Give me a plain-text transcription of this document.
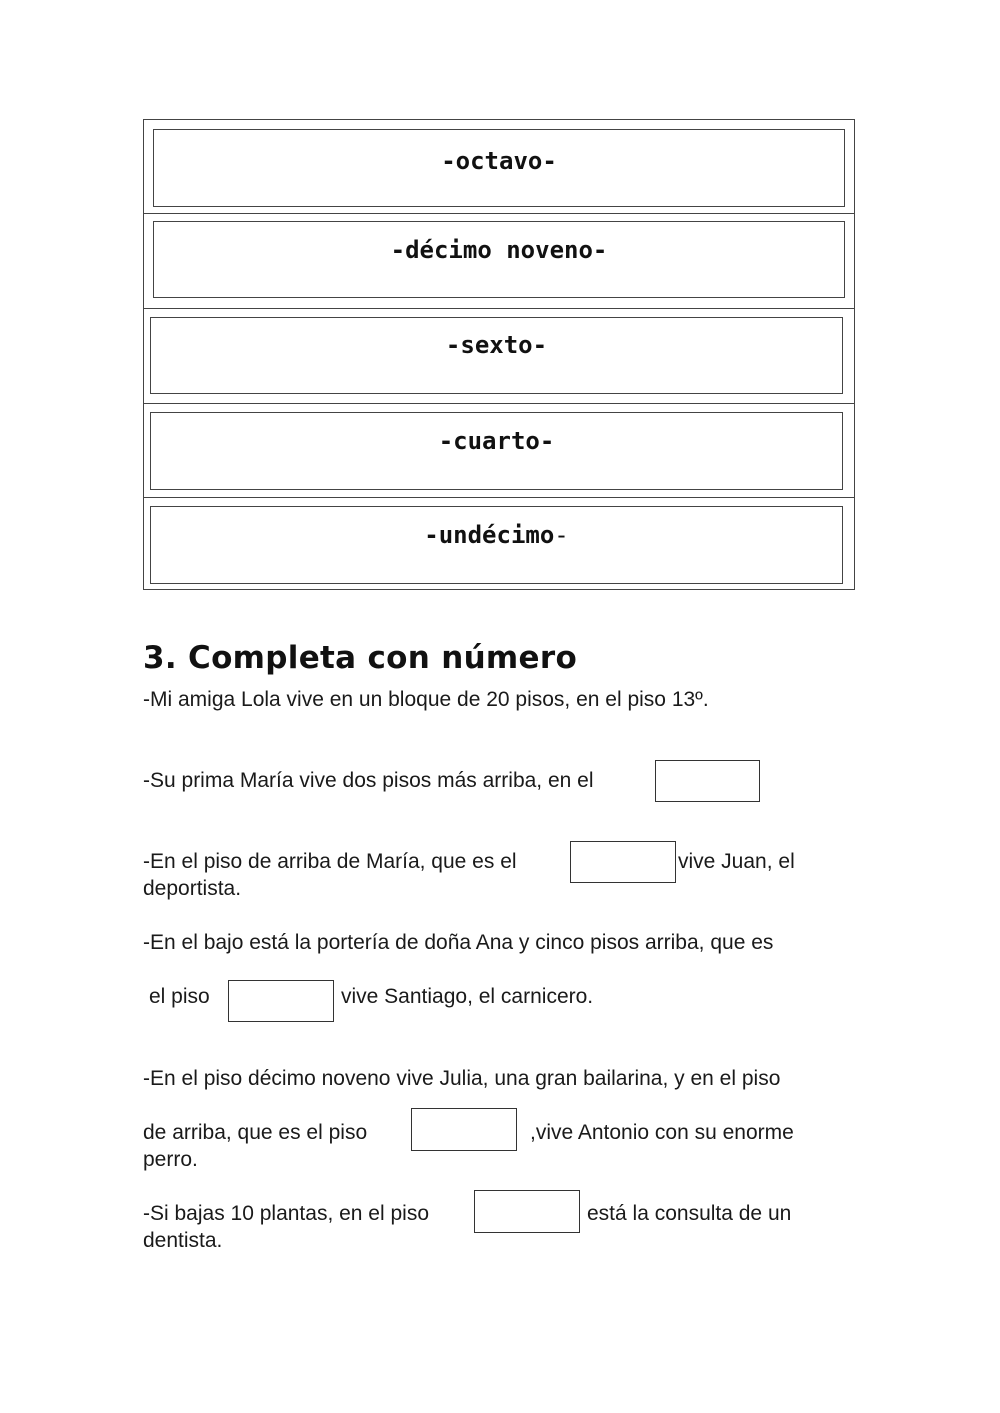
-octavo-
-décimo noveno-
-sexto-
-cuarto-
-undécimo-
3. Completa con número
-Mi amiga Lola vive en un bloque de 20 pisos, en el piso 13º.
-Su prima María vive dos pisos más arriba, en el
-En el piso de arriba de María, que es el	vive Juan, el
deportista.
-En el bajo está la portería de doña Ana y cinco pisos arriba, que es
el piso	vive Santiago, el carnicero.
-En el piso décimo noveno vive Julia, una gran bailarina, y en el piso
de arriba, que es el piso	,vive Antonio con su enorme
perro.
-Si bajas 10 plantas, en el piso	está la consulta de un
dentista.
